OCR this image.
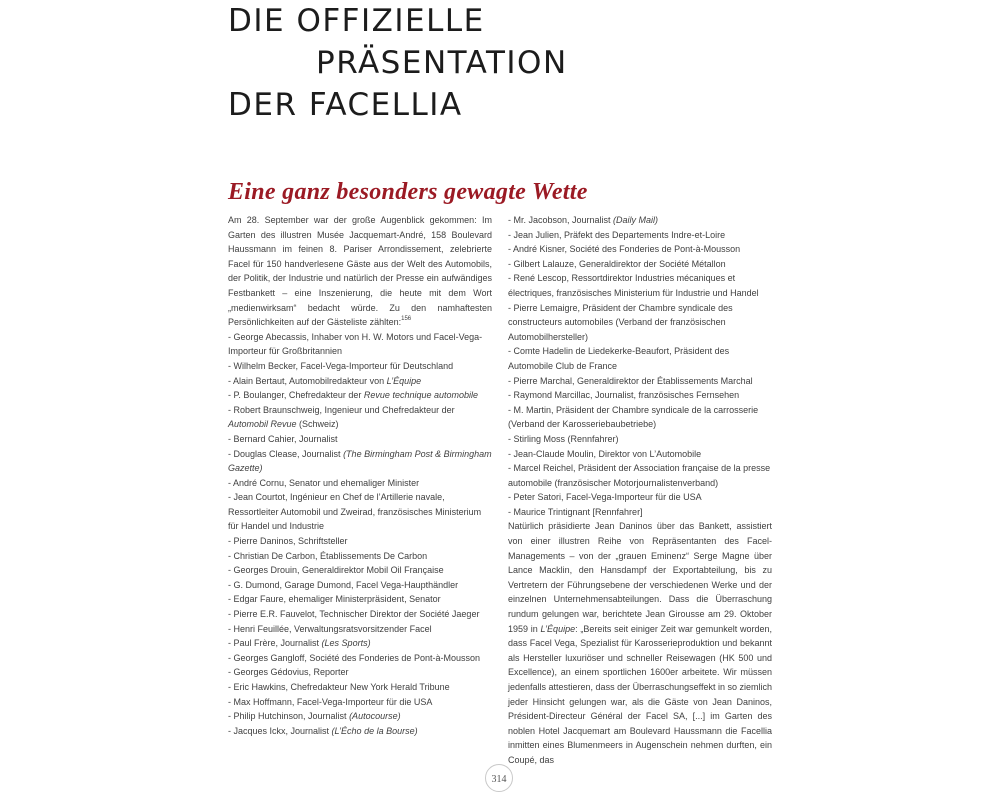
DIE OFFIZIELLE
PRÄSENTATION
DER FACELLIA
Eine ganz besonders gewagte Wette

Am 28. September war der große Augenblick gekommen: Im Garten des illustren Musée Jacquemart-André, 158 Boulevard Haussmann im feinen 8. Pariser Arrondissement, zelebrierte Facel für 150 handverlesene Gäste aus der Welt des Automobils, der Politik, der Industrie und natürlich der Presse ein aufwändiges Festbankett – eine Inszenierung, die heute mit dem Wort „medienwirksam“ bedacht würde. Zu den namhaftesten Persönlichkeiten auf der Gästeliste zählten:$^{156}$

- George Abecassis, Inhaber von H. W. Motors und Facel-Vega-Importeur für Großbritannien

- Wilhelm Becker, Facel-Vega-Importeur für Deutschland

- Alain Bertaut, Automobilredakteur von L’Équipe

- P. Boulanger, Chefredakteur der Revue technique automobile

- Robert Braunschweig, Ingenieur und Chefredakteur der Automobil Revue (Schweiz)

- Bernard Cahier, Journalist

- Douglas Clease, Journalist (The Birmingham Post & Birmingham Gazette)

- André Cornu, Senator und ehemaliger Minister

- Jean Courtot, Ingénieur en Chef de l’Artillerie navale, Ressortleiter Automobil und Zweirad, französisches Ministerium für Handel und Industrie

- Pierre Daninos, Schriftsteller

- Christian De Carbon, Établissements De Carbon

- Georges Drouin, Generaldirektor Mobil Oil Française

- G. Dumond, Garage Dumond, Facel Vega-Haupthändler

- Edgar Faure, ehemaliger Ministerpräsident, Senator

- Pierre E.R. Fauvelot, Technischer Direktor der Société Jaeger

- Henri Feuillée, Verwaltungsratsvorsitzender Facel

- Paul Frère, Journalist (Les Sports)

- Georges Gangloff, Société des Fonderies de Pont-à-Mousson

- Georges Gédovius, Reporter

- Eric Hawkins, Chefredakteur New York Herald Tribune

- Max Hoffmann, Facel-Vega-Importeur für die USA

- Philip Hutchinson, Journalist (Autocourse)

- Jacques Ickx, Journalist (L’Écho de la Bourse)

- Mr. Jacobson, Journalist (Daily Mail)

- Jean Julien, Präfekt des Departements Indre-et-Loire

- André Kisner, Société des Fonderies de Pont-à-Mousson

- Gilbert Lalauze, Generaldirektor der Société Métallon

- René Lescop, Ressortdirektor Industries mécaniques et électriques, französisches Ministerium für Industrie und Handel

- Pierre Lemaigre, Präsident der Chambre syndicale des constructeurs automobiles (Verband der französischen Automobilhersteller)

- Comte Hadelin de Liedekerke-Beaufort, Präsident des Automobile Club de France

- Pierre Marchal, Generaldirektor der Établissements Marchal

- Raymond Marcillac, Journalist, französisches Fernsehen

- M. Martin, Präsident der Chambre syndicale de la carrosserie (Verband der Karosseriebaubetriebe)

- Stirling Moss (Rennfahrer)

- Jean-Claude Moulin, Direktor von L’Automobile

- Marcel Reichel, Präsident der Association française de la presse automobile (französischer Motorjournalistenverband)

- Peter Satori, Facel-Vega-Importeur für die USA

- Maurice Trintignant [Rennfahrer]

Natürlich präsidierte Jean Daninos über das Bankett, assistiert von einer illustren Reihe von Repräsentanten des Facel-Managements – von der „grauen Eminenz“ Serge Magne über Lance Macklin, den Hansdampf der Exportabteilung, bis zu Vertretern der Führungsebene der verschiedenen Werke und der einzelnen Unternehmensabteilungen. Dass die Überraschung rundum gelungen war, berichtete Jean Girousse am 29. Oktober 1959 in L’Équipe: „Bereits seit einiger Zeit war gemunkelt worden, dass Facel Vega, Spezialist für Karosserieproduktion und bekannt als Hersteller luxuriöser und schneller Reisewagen (HK 500 und Excellence), an einem sportlichen 1600er arbeitete. Wir müssen jedenfalls attestieren, dass der Überraschungseffekt in so ziemlich jeder Hinsicht gelungen war, als die Gäste von Jean Daninos, Président-Directeur Général der Facel SA, [...] im Garten des noblen Hotel Jacquemart am Boulevard Haussmann die Facellia inmitten eines Blumenmeers in Augenschein nehmen durften, ein Coupé, das

314
